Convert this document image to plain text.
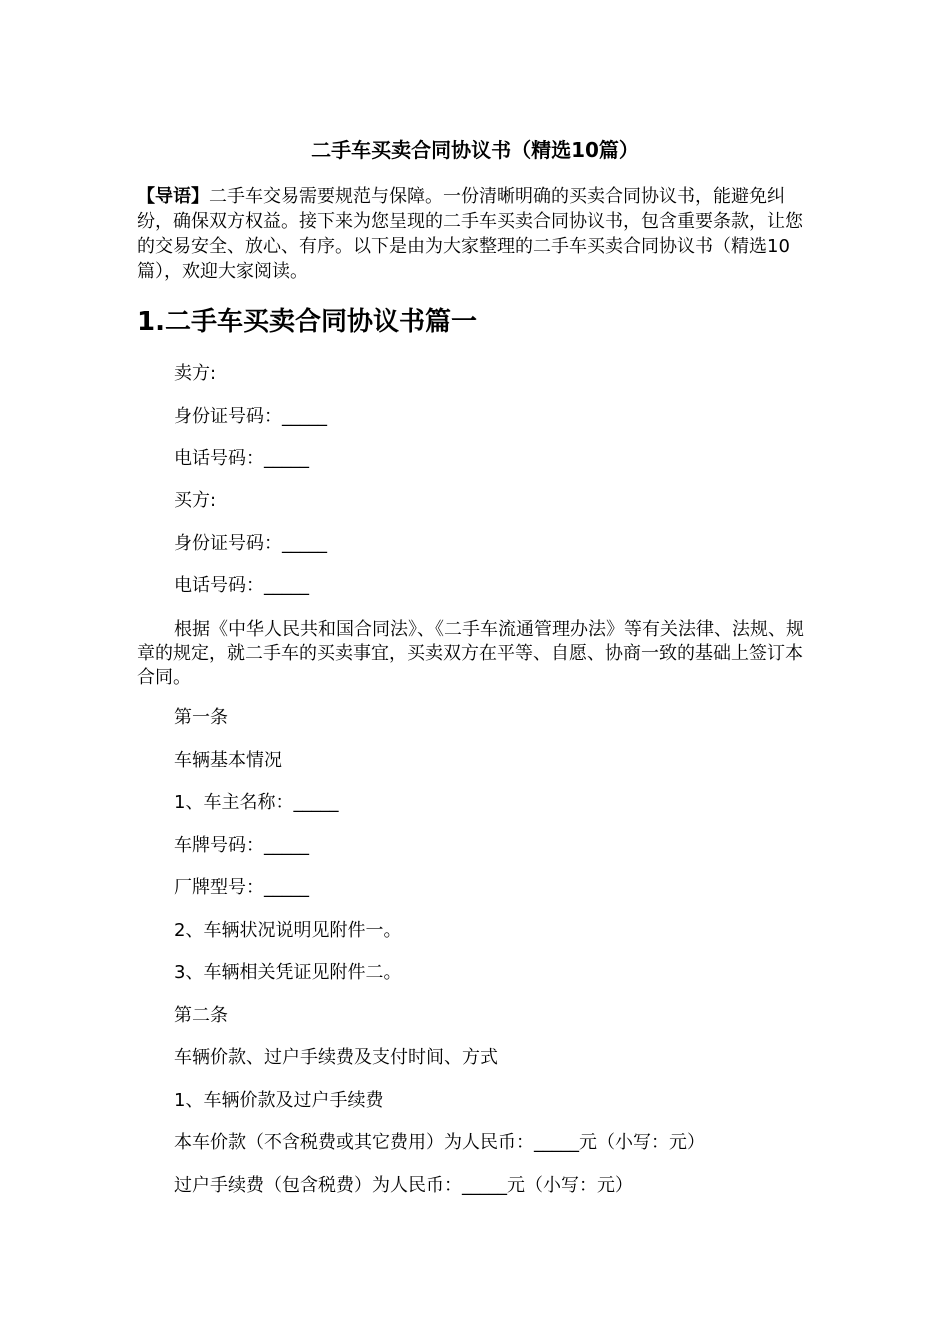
二手车买卖合同协议书（精选10篇）

【导语】二手车交易需要规范与保障。一份清晰明确的买卖合同协议书，能避免纠纷，确保双方权益。接下来为您呈现的二手车买卖合同协议书，包含重要条款，让您的交易安全、放心、有序。以下是由为大家整理的二手车买卖合同协议书（精选10篇），欢迎大家阅读。

1.二手车买卖合同协议书篇一

卖方:

身份证号码：_____

电话号码：_____

买方:

身份证号码：_____

电话号码：_____

根据《中华人民共和国合同法》、《二手车流通管理办法》等有关法律、法规、规章的规定，就二手车的买卖事宜，买卖双方在平等、自愿、协商一致的基础上签订本合同。

第一条

车辆基本情况

1、车主名称：_____

车牌号码：_____

厂牌型号：_____

2、车辆状况说明见附件一。

3、车辆相关凭证见附件二。

第二条

车辆价款、过户手续费及支付时间、方式

1、车辆价款及过户手续费

本车价款（不含税费或其它费用）为人民币：_____元（小写：元）

过户手续费（包含税费）为人民币：_____元（小写：元）
